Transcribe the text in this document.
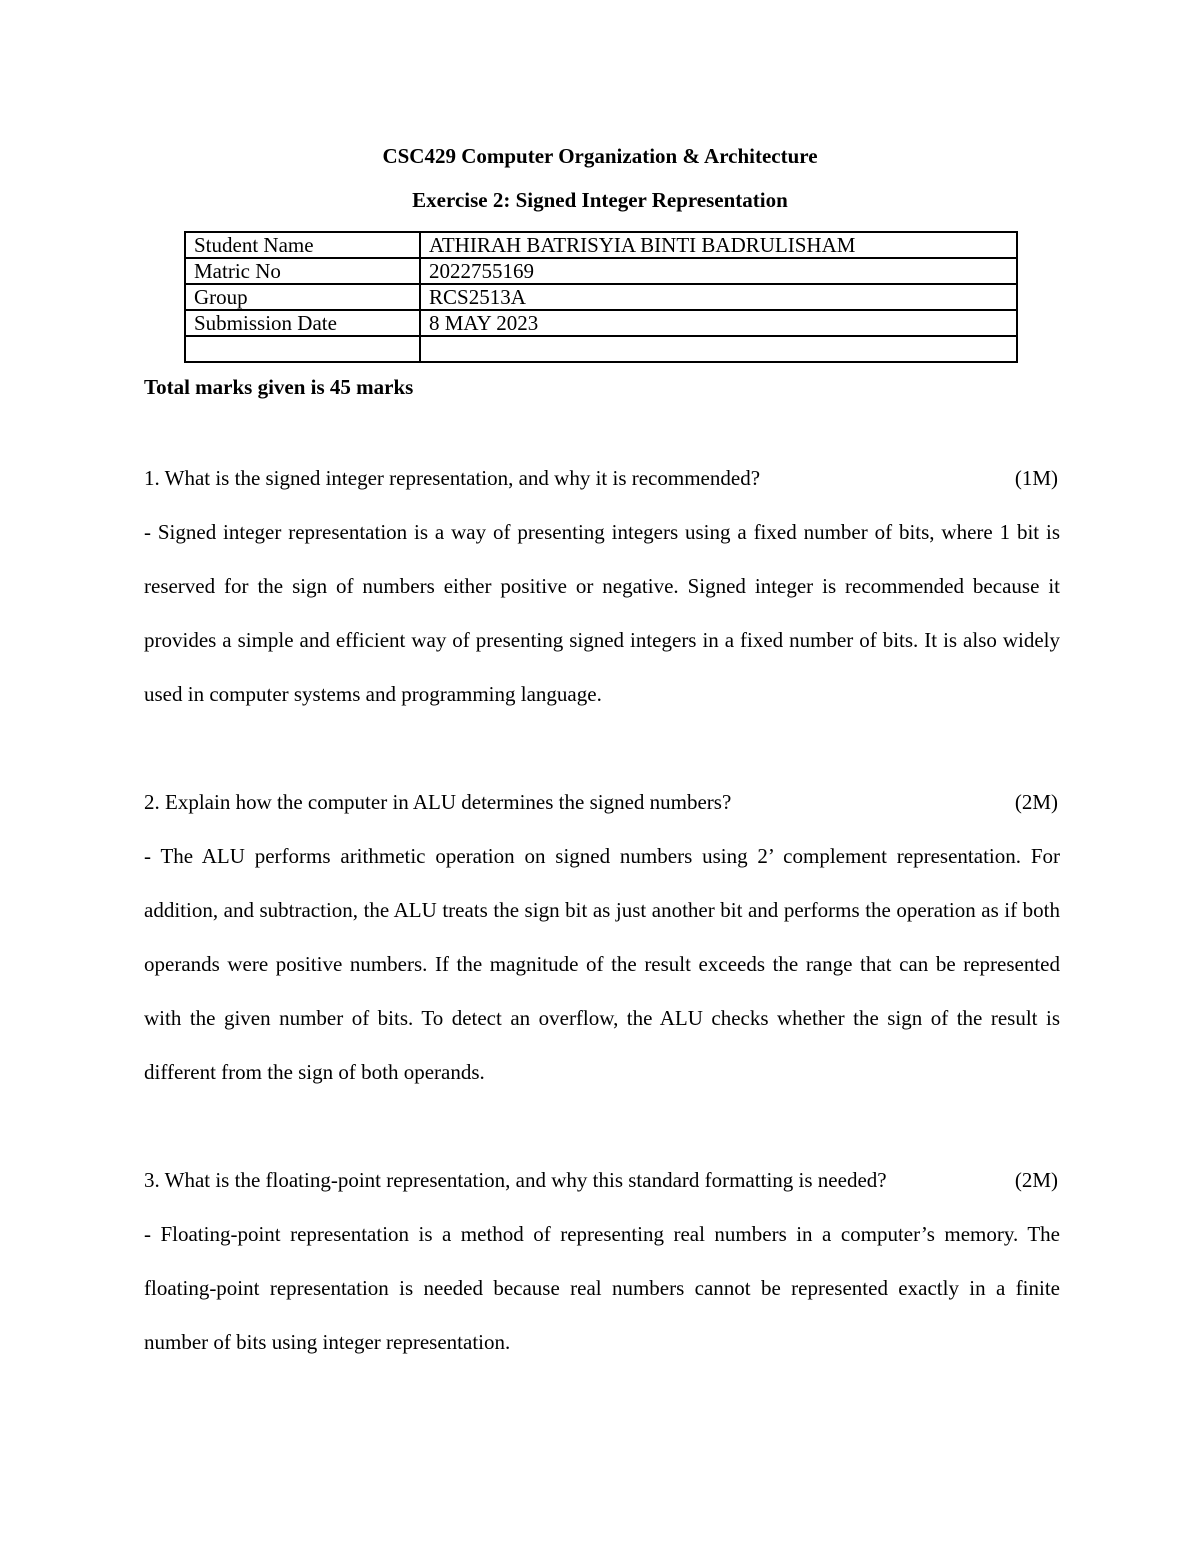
CSC429 Computer Organization & Architecture
Exercise 2: Signed Integer Representation
Student Name	ATHIRAH BATRISYIA BINTI BADRULISHAM
Matric No	2022755169
Group	RCS2513A
Submission Date	8 MAY 2023

Total marks given is 45 marks
1. What is the signed integer representation, and why it is recommended?	(1M)
- Signed integer representation is a way of presenting integers using a fixed number of bits, where 1 bit is reserved for the sign of numbers either positive or negative. Signed integer is recommended because it provides a simple and efficient way of presenting signed integers in a fixed number of bits. It is also widely used in computer systems and programming language.
2. Explain how the computer in ALU determines the signed numbers?	(2M)
- The ALU performs arithmetic operation on signed numbers using 2’ complement representation. For addition, and subtraction, the ALU treats the sign bit as just another bit and performs the operation as if both operands were positive numbers. If the magnitude of the result exceeds the range that can be represented with the given number of bits. To detect an overflow, the ALU checks whether the sign of the result is different from the sign of both operands.
3. What is the floating-point representation, and why this standard formatting is needed?	(2M)
- Floating-point representation is a method of representing real numbers in a computer’s memory. The floating-point representation is needed because real numbers cannot be represented exactly in a finite number of bits using integer representation.
